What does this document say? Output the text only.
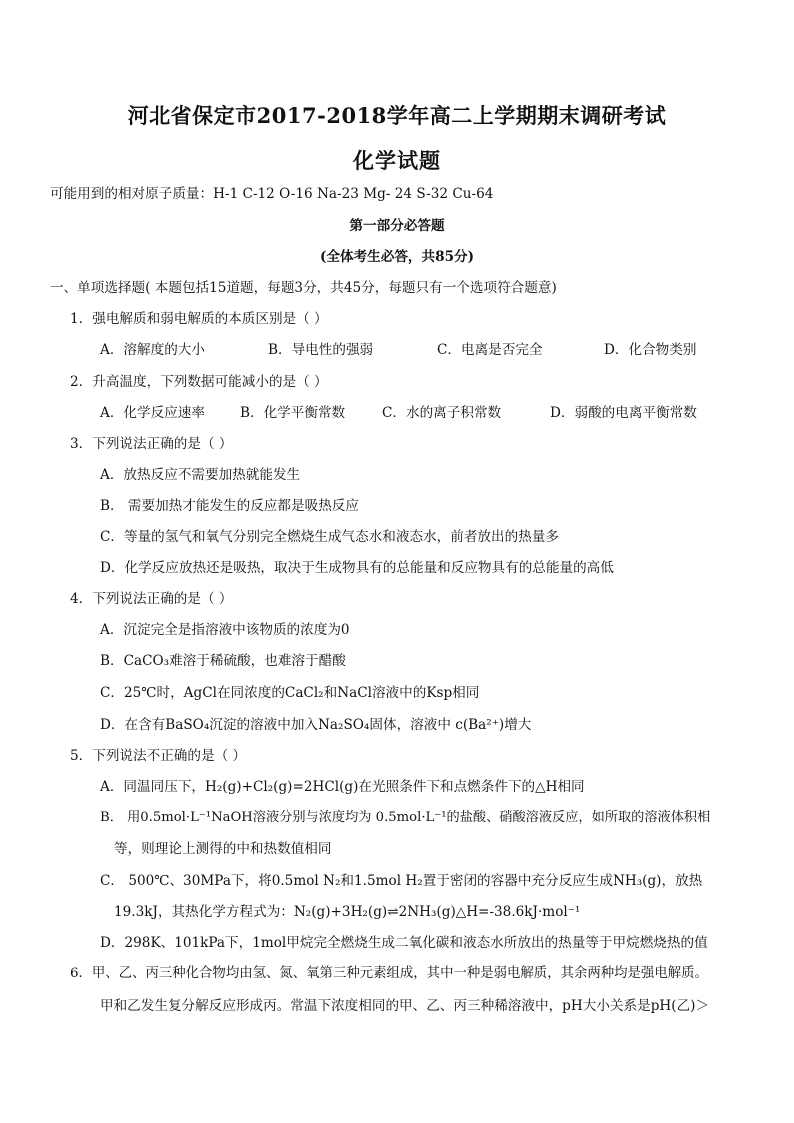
河北省保定市2017-2018学年高二上学期期末调研考试
化学试题
可能用到的相对原子质量：H-1 C-12 O-16 Na-23 Mg- 24 S-32 Cu-64
第一部分必答题
(全体考生必答，共85分)
一、单项选择题( 本题包括15道题，每题3分，共45分，每题只有一个选项符合题意)
1．强电解质和弱电解质的本质区别是（ ）
A．溶解度的大小	B．导电性的强弱	C．电离是否完全	D．化合物类别
2．升高温度，下列数据可能减小的是（ ）
A．化学反应速率	B．化学平衡常数	C．水的离子积常数	D．弱酸的电离平衡常数
3．下列说法正确的是（ ）
A．放热反应不需要加热就能发生
B． 需要加热才能发生的反应都是吸热反应
C．等量的氢气和氧气分别完全燃烧生成气态水和液态水，前者放出的热量多
D．化学反应放热还是吸热，取决于生成物具有的总能量和反应物具有的总能量的高低
4．下列说法正确的是（ ）
A．沉淀完全是指溶液中该物质的浓度为0
B．CaCO₃难溶于稀硫酸，也难溶于醋酸
C．25℃时，AgCl在同浓度的CaCl₂和NaCl溶液中的Ksp相同
D．在含有BaSO₄沉淀的溶液中加入Na₂SO₄固体，溶液中 c(Ba²⁺)增大
5．下列说法不正确的是（ ）
A．同温同压下，H₂(g)+Cl₂(g)=2HCl(g)在光照条件下和点燃条件下的△H相同
B． 用0.5mol·L⁻¹NaOH溶液分别与浓度均为 0.5mol·L⁻¹的盐酸、硝酸溶液反应，如所取的溶液体积相
等，则理论上测得的中和热数值相同
C． 500℃、30MPa下，将0.5mol N₂和1.5mol H₂置于密闭的容器中充分反应生成NH₃(g)，放热
19.3kJ，其热化学方程式为：N₂(g)+3H₂(g)⇌2NH₃(g)△H=-38.6kJ·mol⁻¹
D．298K、101kPa下，1mol甲烷完全燃烧生成二氧化碳和液态水所放出的热量等于甲烷燃烧热的值
6．甲、乙、丙三种化合物均由氢、氮、氧第三种元素组成，其中一种是弱电解质，其余两种均是强电解质。
甲和乙发生复分解反应形成丙。常温下浓度相同的甲、乙、丙三种稀溶液中，pH大小关系是pH(乙)＞
